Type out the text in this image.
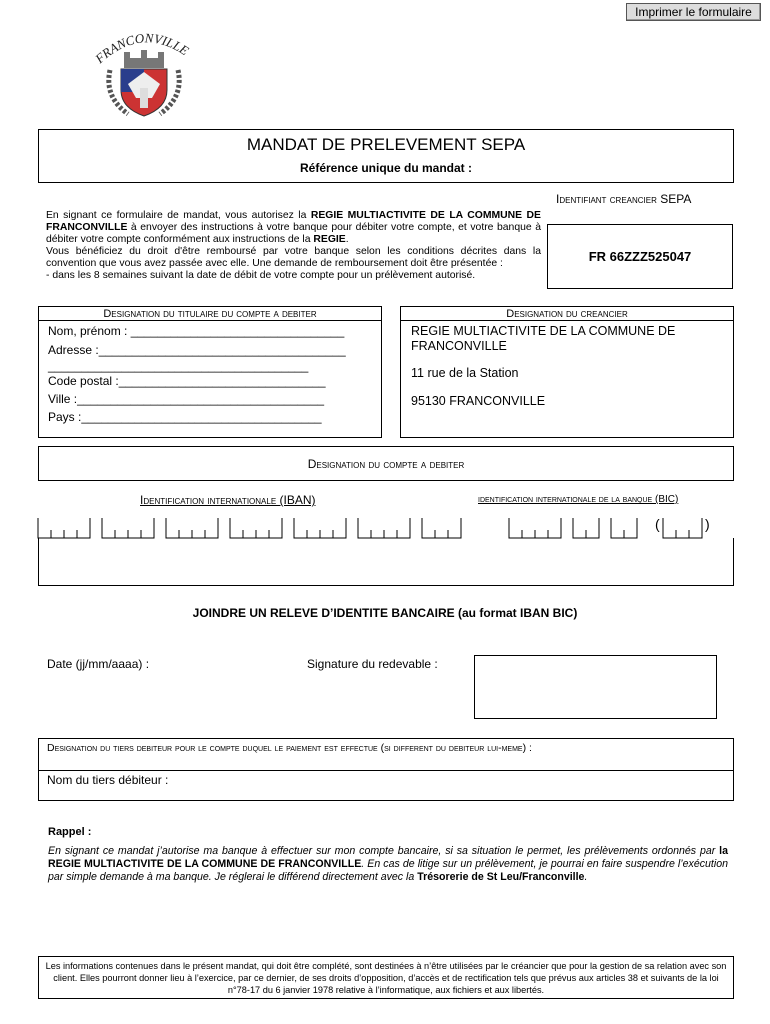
Imprimer le formulaire
FRANCONVILLE
MANDAT DE PRELEVEMENT SEPA
Référence unique du mandat :
Identifiant creancier SEPA
FR 66ZZZ525047
En signant ce formulaire de mandat, vous autorisez la REGIE MULTIACTIVITE DE LA COMMUNE DE FRANCONVILLE à envoyer des instructions à votre banque pour débiter votre compte, et votre banque à débiter votre compte conformément aux instructions de la REGIE.
Vous bénéficiez du droit d'être remboursé par votre banque selon les conditions décrites dans la convention que vous avez passée avec elle. Une demande de remboursement doit être présentée :

- dans les 8 semaines suivant la date de débit de votre compte pour un prélèvement autorisé.
Designation du titulaire du compte a debiter
Nom, prénom : ________________________________
Adresse :_____________________________________
_______________________________________
Code postal :_______________________________
Ville :_____________________________________
Pays :____________________________________
Designation du creancier
REGIE MULTIACTIVITE DE LA COMMUNE DE FRANCONVILLE
11 rue de la Station
95130 FRANCONVILLE
Designation du compte a debiter
Identification internationale (IBAN)	identification internationale de la banque (BIC)
(	)
JOINDRE UN RELEVE D’IDENTITE BANCAIRE (au format IBAN BIC)
Date (jj/mm/aaaa) :	Signature du redevable :
Designation du tiers debiteur pour le compte duquel le paiement est effectue (si different du debiteur lui-meme) :
Nom du tiers débiteur :
Rappel :
En signant ce mandat j’autorise ma banque à effectuer sur mon compte bancaire, si sa situation le permet, les prélèvements ordonnés par la REGIE MULTIACTIVITE DE LA COMMUNE DE FRANCONVILLE. En cas de litige sur un prélèvement, je pourrai en faire suspendre l’exécution par simple demande à ma banque. Je réglerai le différend directement avec la Trésorerie de St Leu/Franconville.
Les informations contenues dans le présent mandat, qui doit être complété, sont destinées à n’être utilisées par le créancier que pour la gestion de sa relation avec son client. Elles pourront donner lieu à l’exercice, par ce dernier, de ses droits d’opposition, d’accès et de rectification tels que prévus aux articles 38 et suivants de la loi n°78-17 du 6 janvier 1978 relative à l’informatique, aux fichiers et aux libertés.
